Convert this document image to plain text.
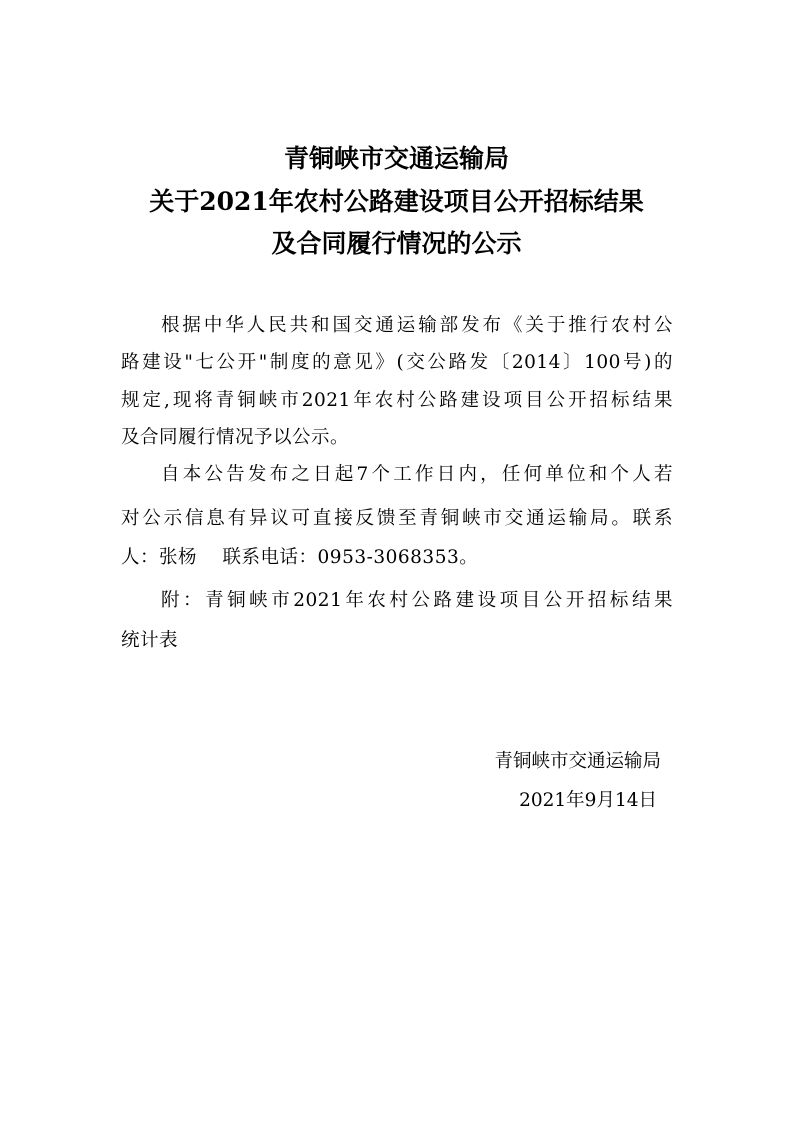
青铜峡市交通运输局
关于2021年农村公路建设项目公开招标结果
及合同履行情况的公示
根据中华人民共和国交通运输部发布《关于推行农村公
路建设"七公开"制度的意见》(交公路发〔2014〕100号)的
规定,现将青铜峡市2021年农村公路建设项目公开招标结果
及合同履行情况予以公示。
自本公告发布之日起7个工作日内，任何单位和个人若
对公示信息有异议可直接反馈至青铜峡市交通运输局。联系
人：张杨    联系电话：0953-3068353。
附：青铜峡市2021年农村公路建设项目公开招标结果
统计表
青铜峡市交通运输局
2021年9月14日
